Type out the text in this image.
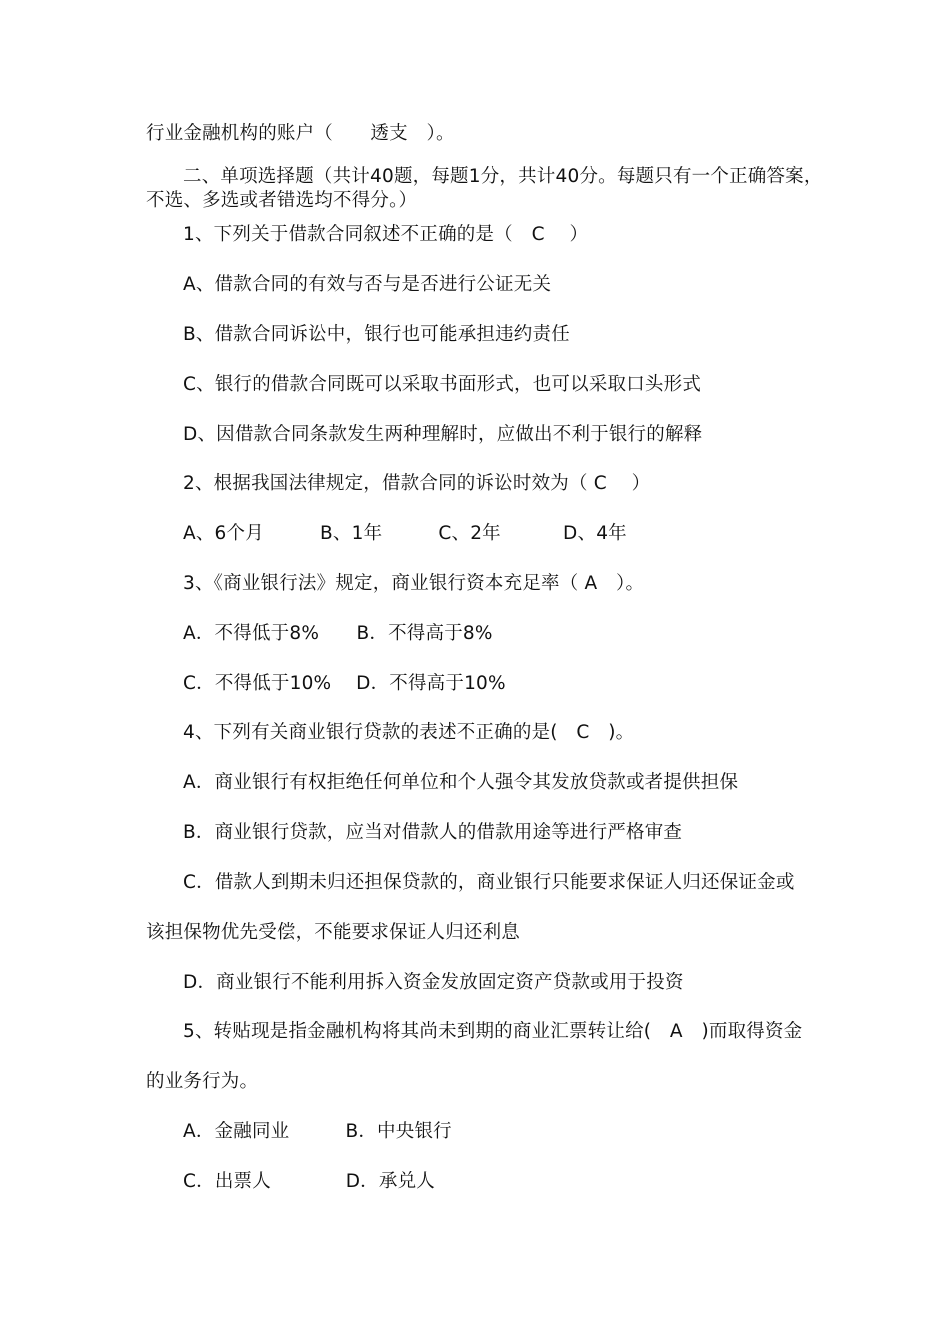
行业金融机构的账户（　　透支　）。
二、单项选择题（共计40题，每题1分，共计40分。每题只有一个正确答案，
不选、多选或者错选均不得分。）
1、下列关于借款合同叙述不正确的是（　C　 ）
A、借款合同的有效与否与是否进行公证无关
B、借款合同诉讼中，银行也可能承担违约责任
C、银行的借款合同既可以采取书面形式，也可以采取口头形式
D、因借款合同条款发生两种理解时，应做出不利于银行的解释
2、根据我国法律规定，借款合同的诉讼时效为（ C　 ）
A、6个月　　　B、1年　　　C、2年　　　 D、4年
3、《商业银行法》规定，商业银行资本充足率（ A　）。
A．不得低于8%　　B．不得高于8%
C．不得低于10%　 D．不得高于10%
4、下列有关商业银行贷款的表述不正确的是(　C　)。
A．商业银行有权拒绝任何单位和个人强令其发放贷款或者提供担保
B．商业银行贷款，应当对借款人的借款用途等进行严格审查
C．借款人到期未归还担保贷款的，商业银行只能要求保证人归还保证金或
该担保物优先受偿，不能要求保证人归还利息
D．商业银行不能利用拆入资金发放固定资产贷款或用于投资
5、转贴现是指金融机构将其尚未到期的商业汇票转让给(　A　)而取得资金
的业务行为。
A．金融同业　　　B．中央银行
C．出票人　　　　D．承兑人
